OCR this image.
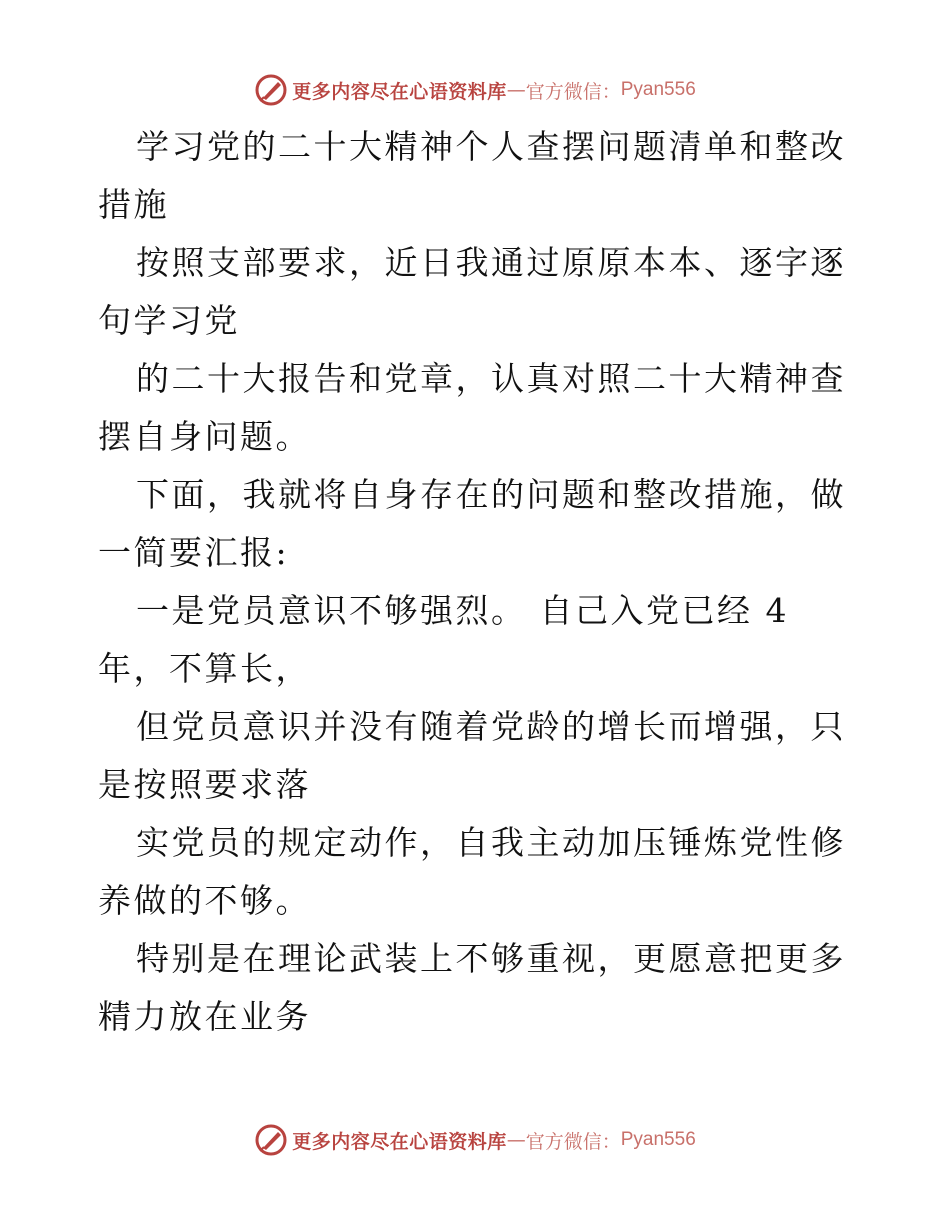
更多内容尽在心语资料库 — 官方微信： Pyan556

学习党的二十大精神个人查摆问题清单和整改措施

按照支部要求，近日我通过原原本本、逐字逐句学习党

的二十大报告和党章，认真对照二十大精神查摆自身问题。

下面，我就将自身存在的问题和整改措施，做一简要汇报:

一是党员意识不够强烈。 自己入党已经 4 年，不算长，

但党员意识并没有随着党龄的增长而增强，只是按照要求落

实党员的规定动作，自我主动加压锤炼党性修养做的不够。

特别是在理论武装上不够重视，更愿意把更多精力放在业务

更多内容尽在心语资料库 — 官方微信： Pyan556
